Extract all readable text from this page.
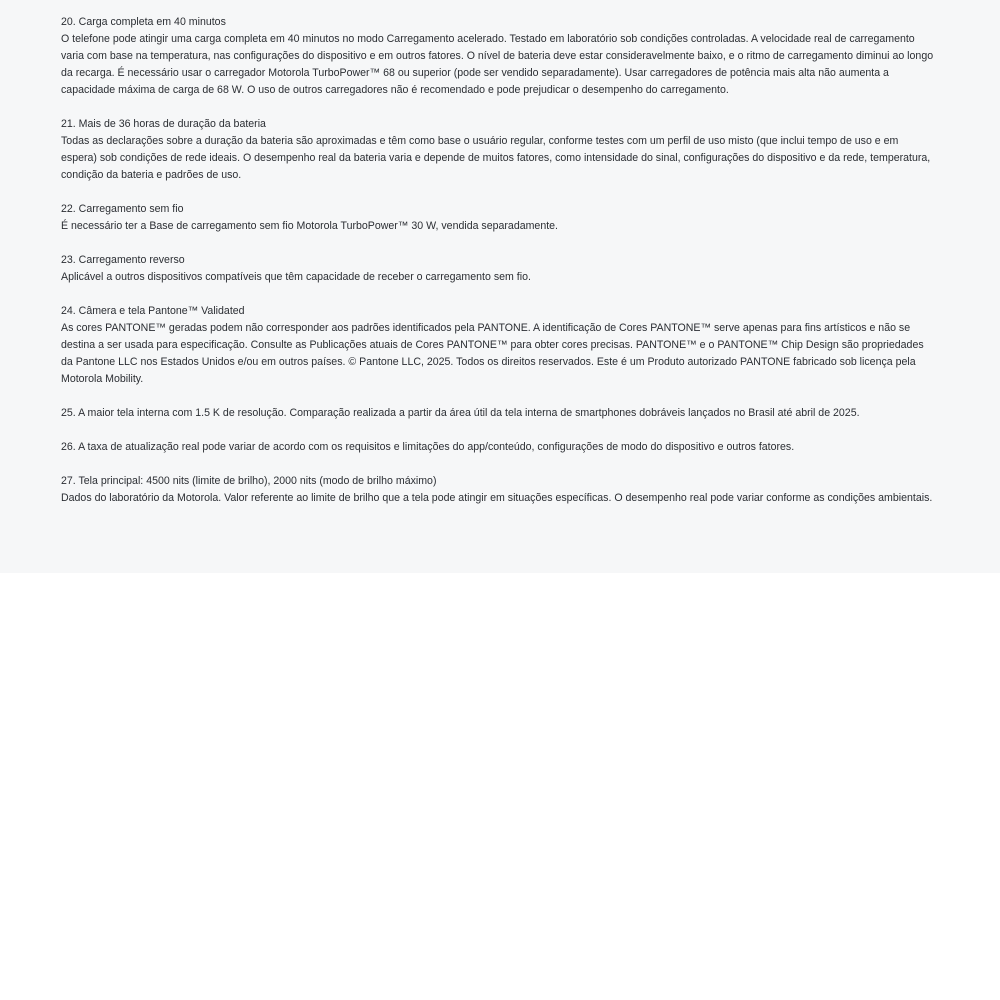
20. Carga completa em 40 minutos
O telefone pode atingir uma carga completa em 40 minutos no modo Carregamento acelerado. Testado em laboratório sob condições controladas. A velocidade real de carregamento varia com base na temperatura, nas configurações do dispositivo e em outros fatores. O nível de bateria deve estar consideravelmente baixo, e o ritmo de carregamento diminui ao longo da recarga. É necessário usar o carregador Motorola TurboPower™ 68 ou superior (pode ser vendido separadamente). Usar carregadores de potência mais alta não aumenta a capacidade máxima de carga de 68 W. O uso de outros carregadores não é recomendado e pode prejudicar o desempenho do carregamento.
21. Mais de 36 horas de duração da bateria
Todas as declarações sobre a duração da bateria são aproximadas e têm como base o usuário regular, conforme testes com um perfil de uso misto (que inclui tempo de uso e em espera) sob condições de rede ideais. O desempenho real da bateria varia e depende de muitos fatores, como intensidade do sinal, configurações do dispositivo e da rede, temperatura, condição da bateria e padrões de uso.
22. Carregamento sem fio
É necessário ter a Base de carregamento sem fio Motorola TurboPower™ 30 W, vendida separadamente.
23. Carregamento reverso
Aplicável a outros dispositivos compatíveis que têm capacidade de receber o carregamento sem fio.
24. Câmera e tela Pantone™ Validated
As cores PANTONE™ geradas podem não corresponder aos padrões identificados pela PANTONE. A identificação de Cores PANTONE™ serve apenas para fins artísticos e não se destina a ser usada para especificação. Consulte as Publicações atuais de Cores PANTONE™ para obter cores precisas. PANTONE™ e o PANTONE™ Chip Design são propriedades da Pantone LLC nos Estados Unidos e/ou em outros países. © Pantone LLC, 2025. Todos os direitos reservados. Este é um Produto autorizado PANTONE fabricado sob licença pela Motorola Mobility.
25. A maior tela interna com 1.5 K de resolução. Comparação realizada a partir da área útil da tela interna de smartphones dobráveis lançados no Brasil até abril de 2025.
26. A taxa de atualização real pode variar de acordo com os requisitos e limitações do app/conteúdo, configurações de modo do dispositivo e outros fatores.
27. Tela principal: 4500 nits (limite de brilho), 2000 nits (modo de brilho máximo)
Dados do laboratório da Motorola. Valor referente ao limite de brilho que a tela pode atingir em situações específicas. O desempenho real pode variar conforme as condições ambientais.
